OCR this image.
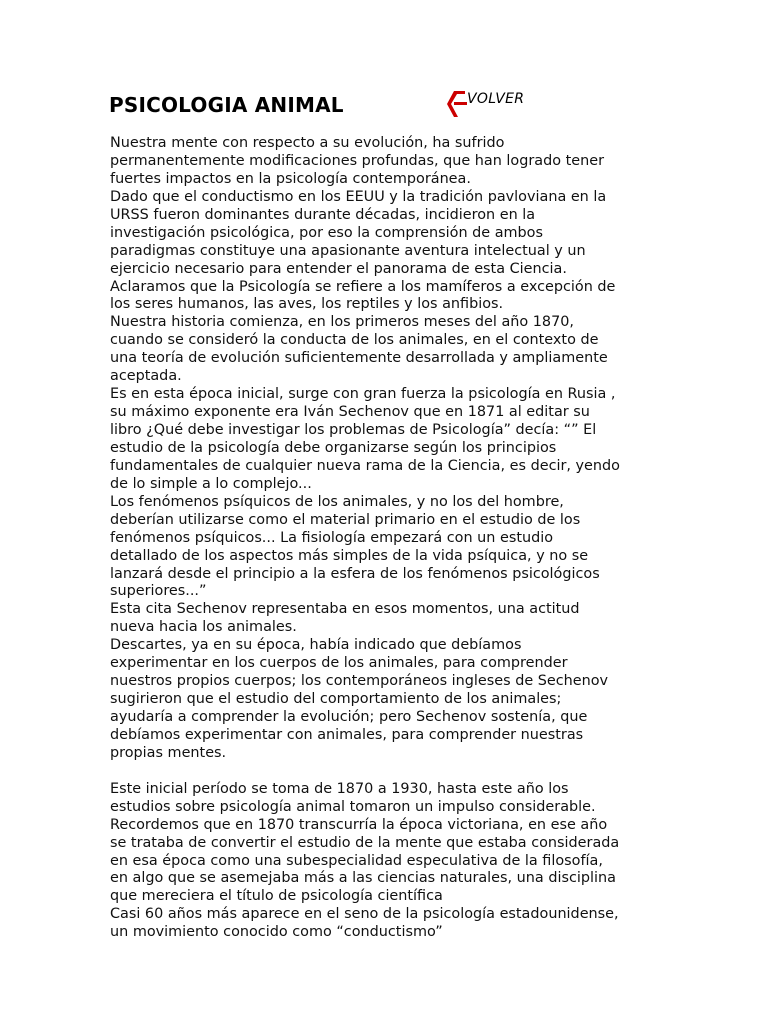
PSICOLOGIA ANIMAL	VOLVER
Nuestra mente con respecto a su evolución, ha sufrido
permanentemente modificaciones profundas, que han logrado tener
fuertes impactos en la psicología contemporánea.
Dado que el conductismo en los EEUU y la tradición pavloviana en la
URSS fueron dominantes durante décadas, incidieron en la
investigación psicológica, por eso la comprensión de ambos
paradigmas constituye una apasionante aventura intelectual y un
ejercicio necesario para entender el panorama de esta Ciencia.
Aclaramos que la Psicología se refiere a los mamíferos a excepción de
los seres humanos, las aves, los reptiles y los anfibios.
Nuestra historia comienza, en los primeros meses del año 1870,
cuando se consideró la conducta de los animales, en el contexto de
una teoría de evolución suficientemente desarrollada y ampliamente
aceptada.
Es en esta época inicial, surge con gran fuerza la psicología en Rusia ,
su máximo exponente era Iván Sechenov que en 1871 al editar su
libro ¿Qué debe investigar los problemas de Psicología” decía: “” El
estudio de la psicología debe organizarse según los principios
fundamentales de cualquier nueva rama de la Ciencia, es decir, yendo
de lo simple a lo complejo...
Los fenómenos psíquicos de los animales, y no los del hombre,
deberían utilizarse como el material primario en el estudio de los
fenómenos psíquicos... La fisiología empezará con un estudio
detallado de los aspectos más simples de la vida psíquica, y no se
lanzará desde el principio a la esfera de los fenómenos psicológicos
superiores...”
Esta cita Sechenov representaba en esos momentos, una actitud
nueva hacia los animales.
Descartes, ya en su época, había indicado que debíamos
experimentar en los cuerpos de los animales, para comprender
nuestros propios cuerpos; los contemporáneos ingleses de Sechenov
sugirieron que el estudio del comportamiento de los animales;
ayudaría a comprender la evolución; pero Sechenov sostenía, que
debíamos experimentar con animales, para comprender nuestras
propias mentes.
Este inicial período se toma de 1870 a 1930, hasta este año los
estudios sobre psicología animal tomaron un impulso considerable.
Recordemos que en 1870 transcurría la época victoriana, en ese año
se trataba de convertir el estudio de la mente que estaba considerada
en esa época como una subespecialidad especulativa de la filosofía,
en algo que se asemejaba más a las ciencias naturales, una disciplina
que mereciera el título de psicología científica
Casi 60 años más aparece en el seno de la psicología estadounidense,
un movimiento conocido como “conductismo”
